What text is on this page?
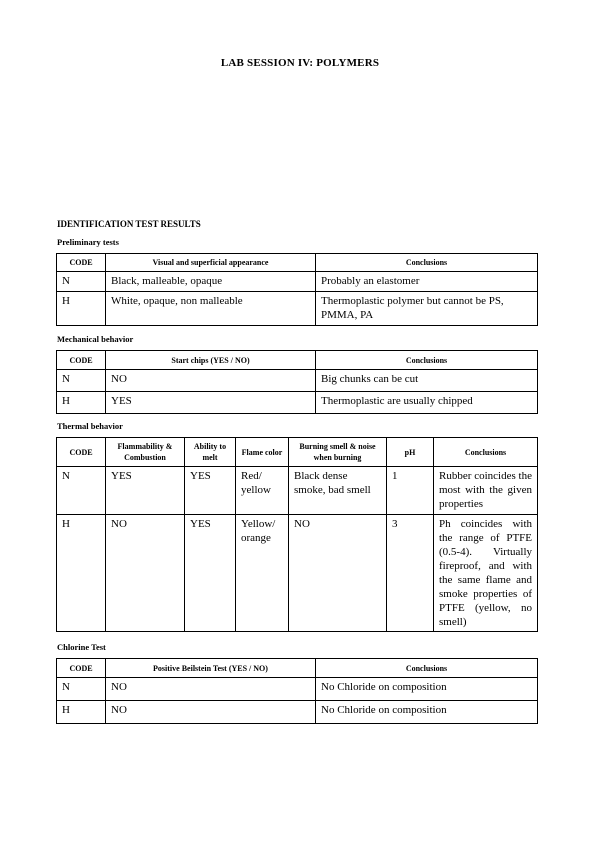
LAB SESSION IV: POLYMERS
IDENTIFICATION TEST RESULTS
Preliminary tests
CODE	Visual and superficial appearance	Conclusions
N	Black, malleable, opaque	Probably an elastomer
H	White, opaque, non malleable	Thermoplastic polymer but cannot be PS, PMMA, PA
Mechanical behavior
CODE	Start chips (YES / NO)	Conclusions
N	NO	Big chunks can be cut
H	YES	Thermoplastic are usually chipped
Thermal behavior
CODE	Flammability & Combustion	Ability to melt	Flame color	Burning smell & noise when burning	pH	Conclusions
N	YES	YES	Red/ yellow	Black dense smoke, bad smell	1	Rubber coincides the most with the given properties
H	NO	YES	Yellow/ orange	NO	3	Ph coincides with the range of PTFE (0.5-4). Virtually fireproof, and with the same flame and smoke properties of PTFE (yellow, no smell)
Chlorine Test
CODE	Positive Beilstein Test (YES / NO)	Conclusions
N	NO	No Chloride on composition
H	NO	No Chloride on composition
